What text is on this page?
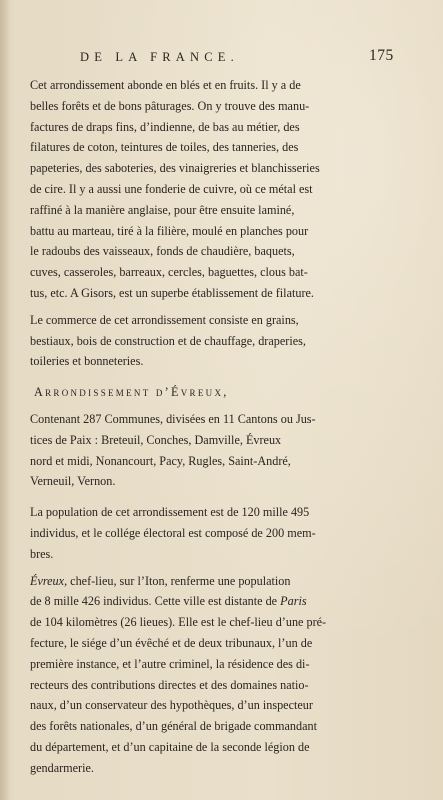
DE LA FRANCE.	175
Cet arrondissement abonde en blés et en fruits. Il y a de
belles forêts et de bons pâturages. On y trouve des manu-
factures de draps fins, d’indienne, de bas au métier, des
filatures de coton, teintures de toiles, des tanneries, des
papeteries, des saboteries, des vinaigreries et blanchisseries
de cire. Il y a aussi une fonderie de cuivre, où ce métal est
raffiné à la manière anglaise, pour être ensuite laminé,
battu au marteau, tiré à la filière, moulé en planches pour
le radoubs des vaisseaux, fonds de chaudière, baquets,
cuves, casseroles, barreaux, cercles, baguettes, clous bat-
tus, etc. A Gisors, est un superbe établissement de filature.
Le commerce de cet arrondissement consiste en grains,
bestiaux, bois de construction et de chauffage, draperies,
toileries et bonneteries.
Arrondissement d’Évreux,
Contenant 287 Communes, divisées en 11 Cantons ou Jus-
tices de Paix : Breteuil, Conches, Damville, Évreux
nord et midi, Nonancourt, Pacy, Rugles, Saint-André,
Verneuil, Vernon.
La population de cet arrondissement est de 120 mille 495
individus, et le collége électoral est composé de 200 mem-
bres.
Évreux, chef-lieu, sur l’Iton, renferme une population
de 8 mille 426 individus. Cette ville est distante de Paris
de 104 kilomètres (26 lieues). Elle est le chef-lieu d’une pré-
fecture, le siége d’un évêché et de deux tribunaux, l’un de
première instance, et l’autre criminel, la résidence des di-
recteurs des contributions directes et des domaines natio-
naux, d’un conservateur des hypothèques, d’un inspecteur
des forêts nationales, d’un général de brigade commandant
du département, et d’un capitaine de la seconde légion de
gendarmerie.
